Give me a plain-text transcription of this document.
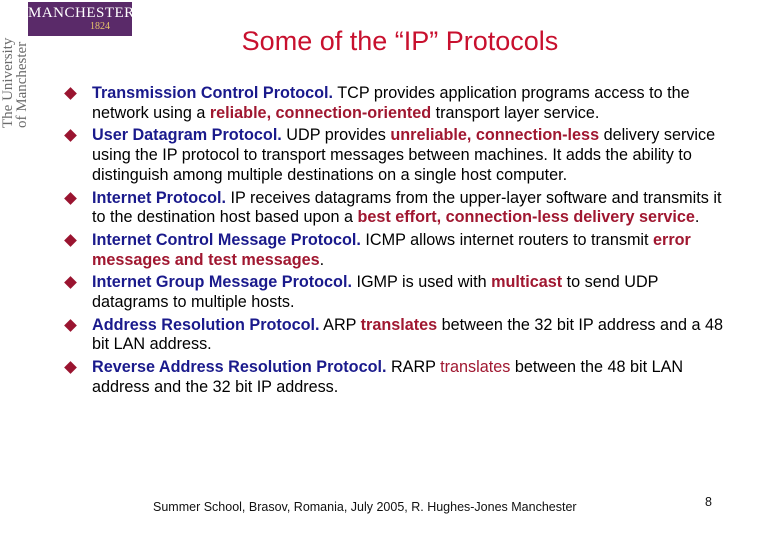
MANCHESTER
1824
The University
of Manchester
Some of the “IP” Protocols
Transmission Control Protocol. TCP provides application programs access to the network using a reliable, connection-oriented transport layer service.
User Datagram Protocol. UDP provides unreliable, connection-less delivery service using the IP protocol to transport messages between machines. It adds the ability to distinguish among multiple destinations on a single host computer.
Internet Protocol. IP receives datagrams from the upper-layer software and transmits it to the destination host based upon a best effort, connection-less delivery service.
Internet Control Message Protocol. ICMP allows internet routers to transmit error messages and test messages.
Internet Group Message Protocol. IGMP is used with multicast to send UDP datagrams to multiple hosts.
Address Resolution Protocol. ARP translates between the 32 bit IP address and a 48 bit LAN address.
Reverse Address Resolution Protocol. RARP translates between the 48 bit LAN address and the 32 bit IP address.
Summer School, Brasov, Romania, July 2005, R. Hughes-Jones Manchester	8
